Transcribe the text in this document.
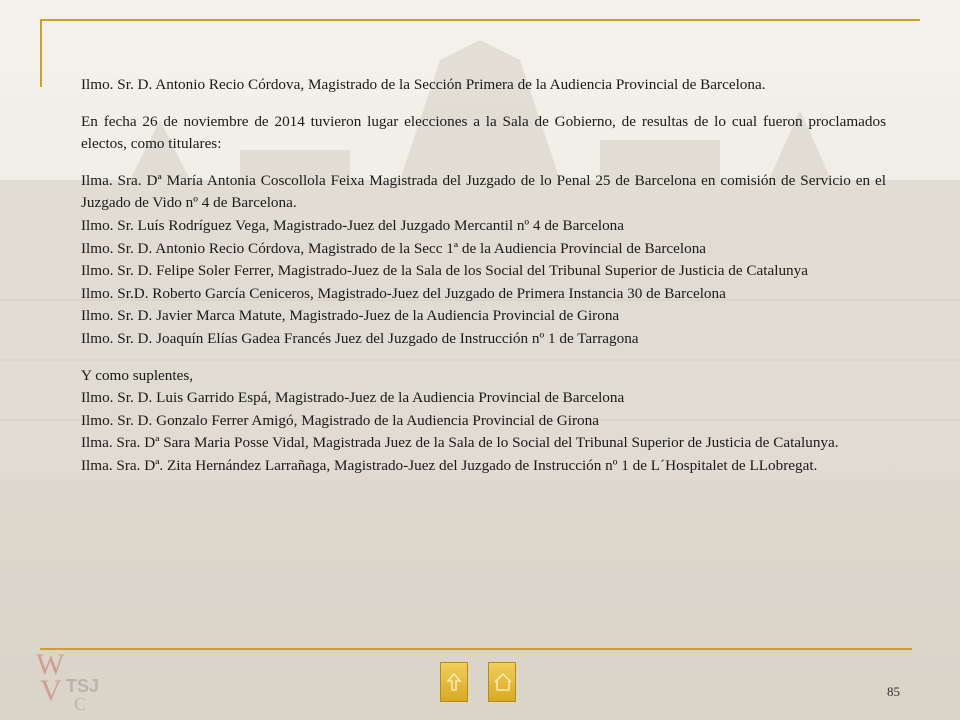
Ilmo. Sr. D. Antonio Recio Córdova, Magistrado de la Sección Primera de la Audiencia Provincial de Barcelona.

En fecha 26 de noviembre de 2014 tuvieron lugar elecciones a la Sala de Gobierno, de resultas de lo cual fueron proclamados electos, como titulares:

Ilma. Sra. Dª María Antonia Coscollola Feixa Magistrada del Juzgado de lo Penal 25 de Barcelona en comisión de Servicio en el Juzgado de Vido nº 4 de Barcelona.

Ilmo. Sr. Luís Rodríguez Vega, Magistrado-Juez del Juzgado Mercantil nº 4 de Barcelona

Ilmo. Sr. D. Antonio Recio Córdova, Magistrado de la Secc 1ª de la Audiencia Provincial de Barcelona

Ilmo. Sr. D. Felipe Soler Ferrer, Magistrado-Juez de la Sala de los Social del Tribunal Superior de Justicia de Catalunya

Ilmo. Sr.D. Roberto García Ceniceros, Magistrado-Juez del Juzgado de Primera Instancia 30 de Barcelona

Ilmo. Sr. D. Javier Marca Matute, Magistrado-Juez de la Audiencia Provincial de Girona

Ilmo. Sr. D. Joaquín Elías Gadea Francés Juez del Juzgado de Instrucción nº 1 de Tarragona

Y como suplentes,

Ilmo. Sr. D. Luis Garrido Espá, Magistrado-Juez de la Audiencia Provincial de Barcelona

Ilmo. Sr. D. Gonzalo Ferrer Amigó, Magistrado de la Audiencia Provincial de Girona

Ilma. Sra. Dª Sara Maria Posse Vidal, Magistrada Juez de la Sala de lo Social del Tribunal Superior de Justicia de Catalunya.

Ilma. Sra. Dª. Zita Hernández Larrañaga, Magistrado-Juez del Juzgado de Instrucción nº 1 de L´Hospitalet de LLobregat.

W
V TSJ
C
85
